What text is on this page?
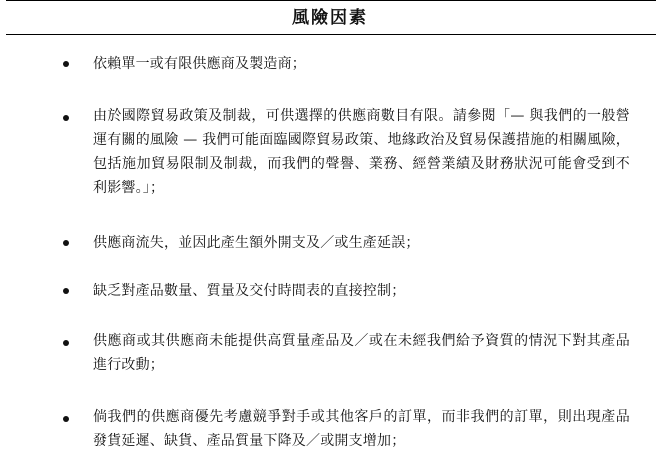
風險因素
依賴單一或有限供應商及製造商；
由於國際貿易政策及制裁，可供選擇的供應商數目有限。請參閱「— 與我們的一般營運有關的風險 — 我們可能面臨國際貿易政策、地緣政治及貿易保護措施的相關風險，包括施加貿易限制及制裁，而我們的聲譽、業務、經營業績及財務狀況可能會受到不利影響。」；
供應商流失，並因此產生額外開支及／或生產延誤；
缺乏對產品數量、質量及交付時間表的直接控制；
供應商或其供應商未能提供高質量產品及／或在未經我們給予資質的情況下對其產品進行改動；
倘我們的供應商優先考慮競爭對手或其他客戶的訂單，而非我們的訂單，則出現產品發貨延遲、缺貨、產品質量下降及／或開支增加；
